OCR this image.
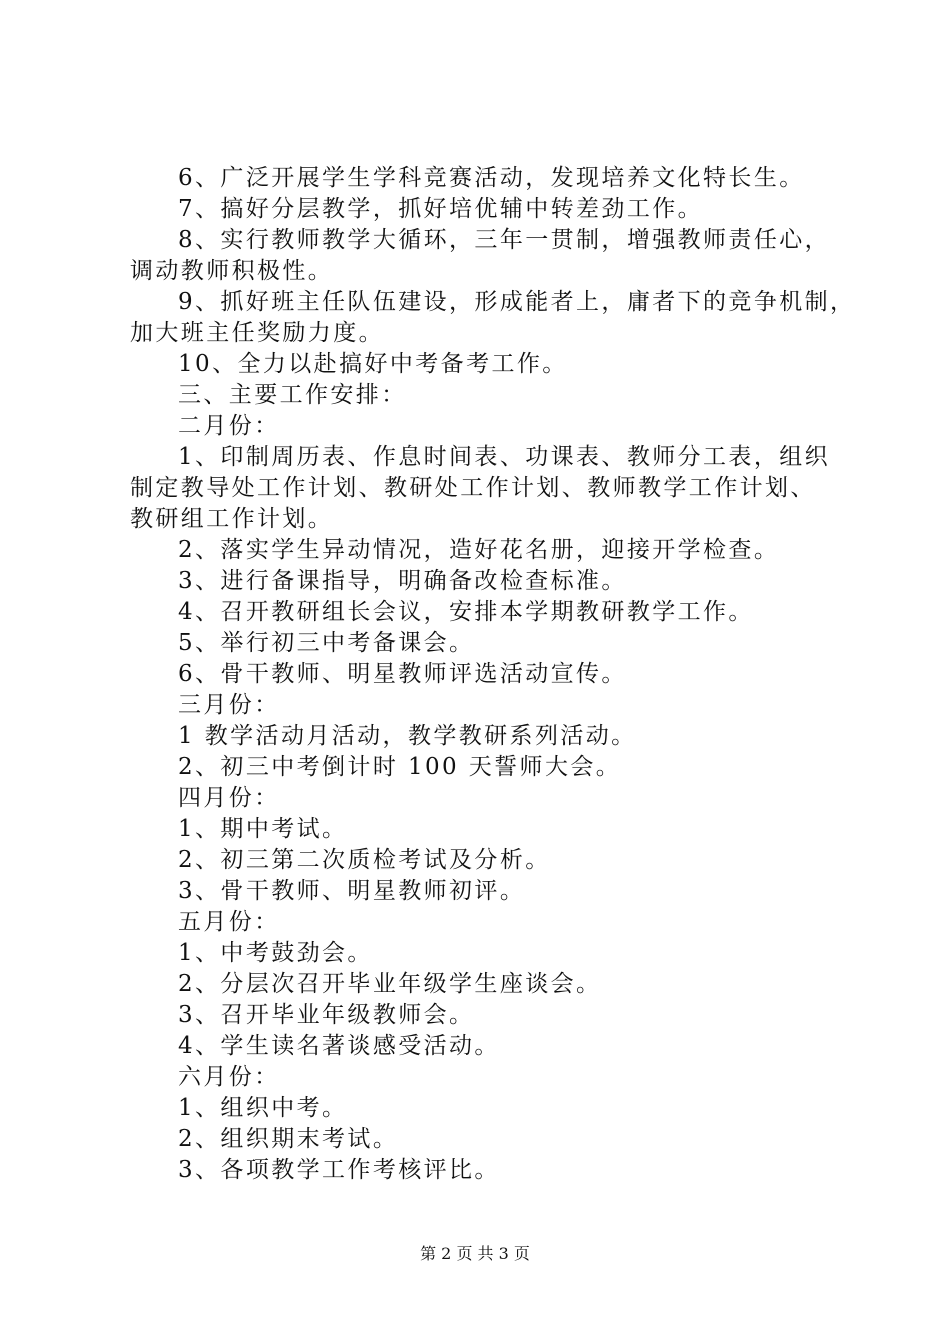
6、广泛开展学生学科竞赛活动，发现培养文化特长生。

7、搞好分层教学，抓好培优辅中转差劲工作。

8、实行教师教学大循环，三年一贯制，增强教师责任心，

调动教师积极性。

9、抓好班主任队伍建设，形成能者上，庸者下的竞争机制，

加大班主任奖励力度。

10、全力以赴搞好中考备考工作。

三、主要工作安排：

二月份：

1、印制周历表、作息时间表、功课表、教师分工表，组织

制定教导处工作计划、教研处工作计划、教师教学工作计划、

教研组工作计划。

2、落实学生异动情况，造好花名册，迎接开学检查。

3、进行备课指导，明确备改检查标准。

4、召开教研组长会议，安排本学期教研教学工作。

5、举行初三中考备课会。

6、骨干教师、明星教师评选活动宣传。

三月份：

1 教学活动月活动，教学教研系列活动。

2、初三中考倒计时 100 天誓师大会。

四月份：

1、期中考试。

2、初三第二次质检考试及分析。

3、骨干教师、明星教师初评。

五月份：

1、中考鼓劲会。

2、分层次召开毕业年级学生座谈会。

3、召开毕业年级教师会。

4、学生读名著谈感受活动。

六月份：

1、组织中考。

2、组织期末考试。

3、各项教学工作考核评比。

第 2 页 共 3 页
